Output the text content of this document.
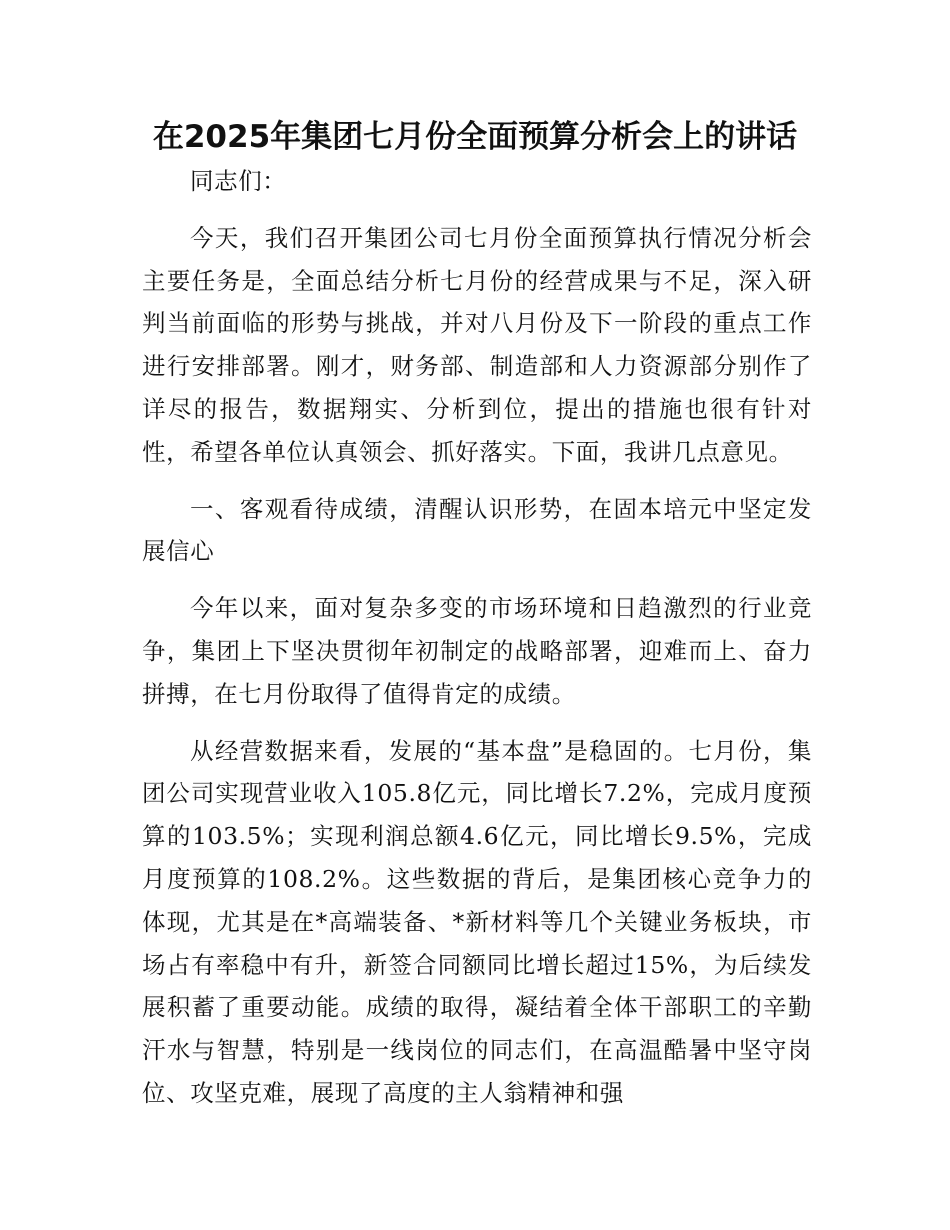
在2025年集团七月份全面预算分析会上的讲话

同志们：

今天，我们召开集团公司七月份全面预算执行情况分析会主要任务是，全面总结分析七月份的经营成果与不足，深入研判当前面临的形势与挑战，并对八月份及下一阶段的重点工作进行安排部署。刚才，财务部、制造部和人力资源部分别作了详尽的报告，数据翔实、分析到位，提出的措施也很有针对性，希望各单位认真领会、抓好落实。下面，我讲几点意见。

一、客观看待成绩，清醒认识形势，在固本培元中坚定发展信心

今年以来，面对复杂多变的市场环境和日趋激烈的行业竞争，集团上下坚决贯彻年初制定的战略部署，迎难而上、奋力拼搏，在七月份取得了值得肯定的成绩。

从经营数据来看，发展的“基本盘”是稳固的。七月份，集团公司实现营业收入105.8亿元，同比增长7.2%，完成月度预算的103.5%；实现利润总额4.6亿元，同比增长9.5%，完成月度预算的108.2%。这些数据的背后，是集团核心竞争力的体现，尤其是在*高端装备、*新材料等几个关键业务板块，市场占有率稳中有升，新签合同额同比增长超过15%，为后续发展积蓄了重要动能。成绩的取得，凝结着全体干部职工的辛勤汗水与智慧，特别是一线岗位的同志们，在高温酷暑中坚守岗位、攻坚克难，展现了高度的主人翁精神和强
